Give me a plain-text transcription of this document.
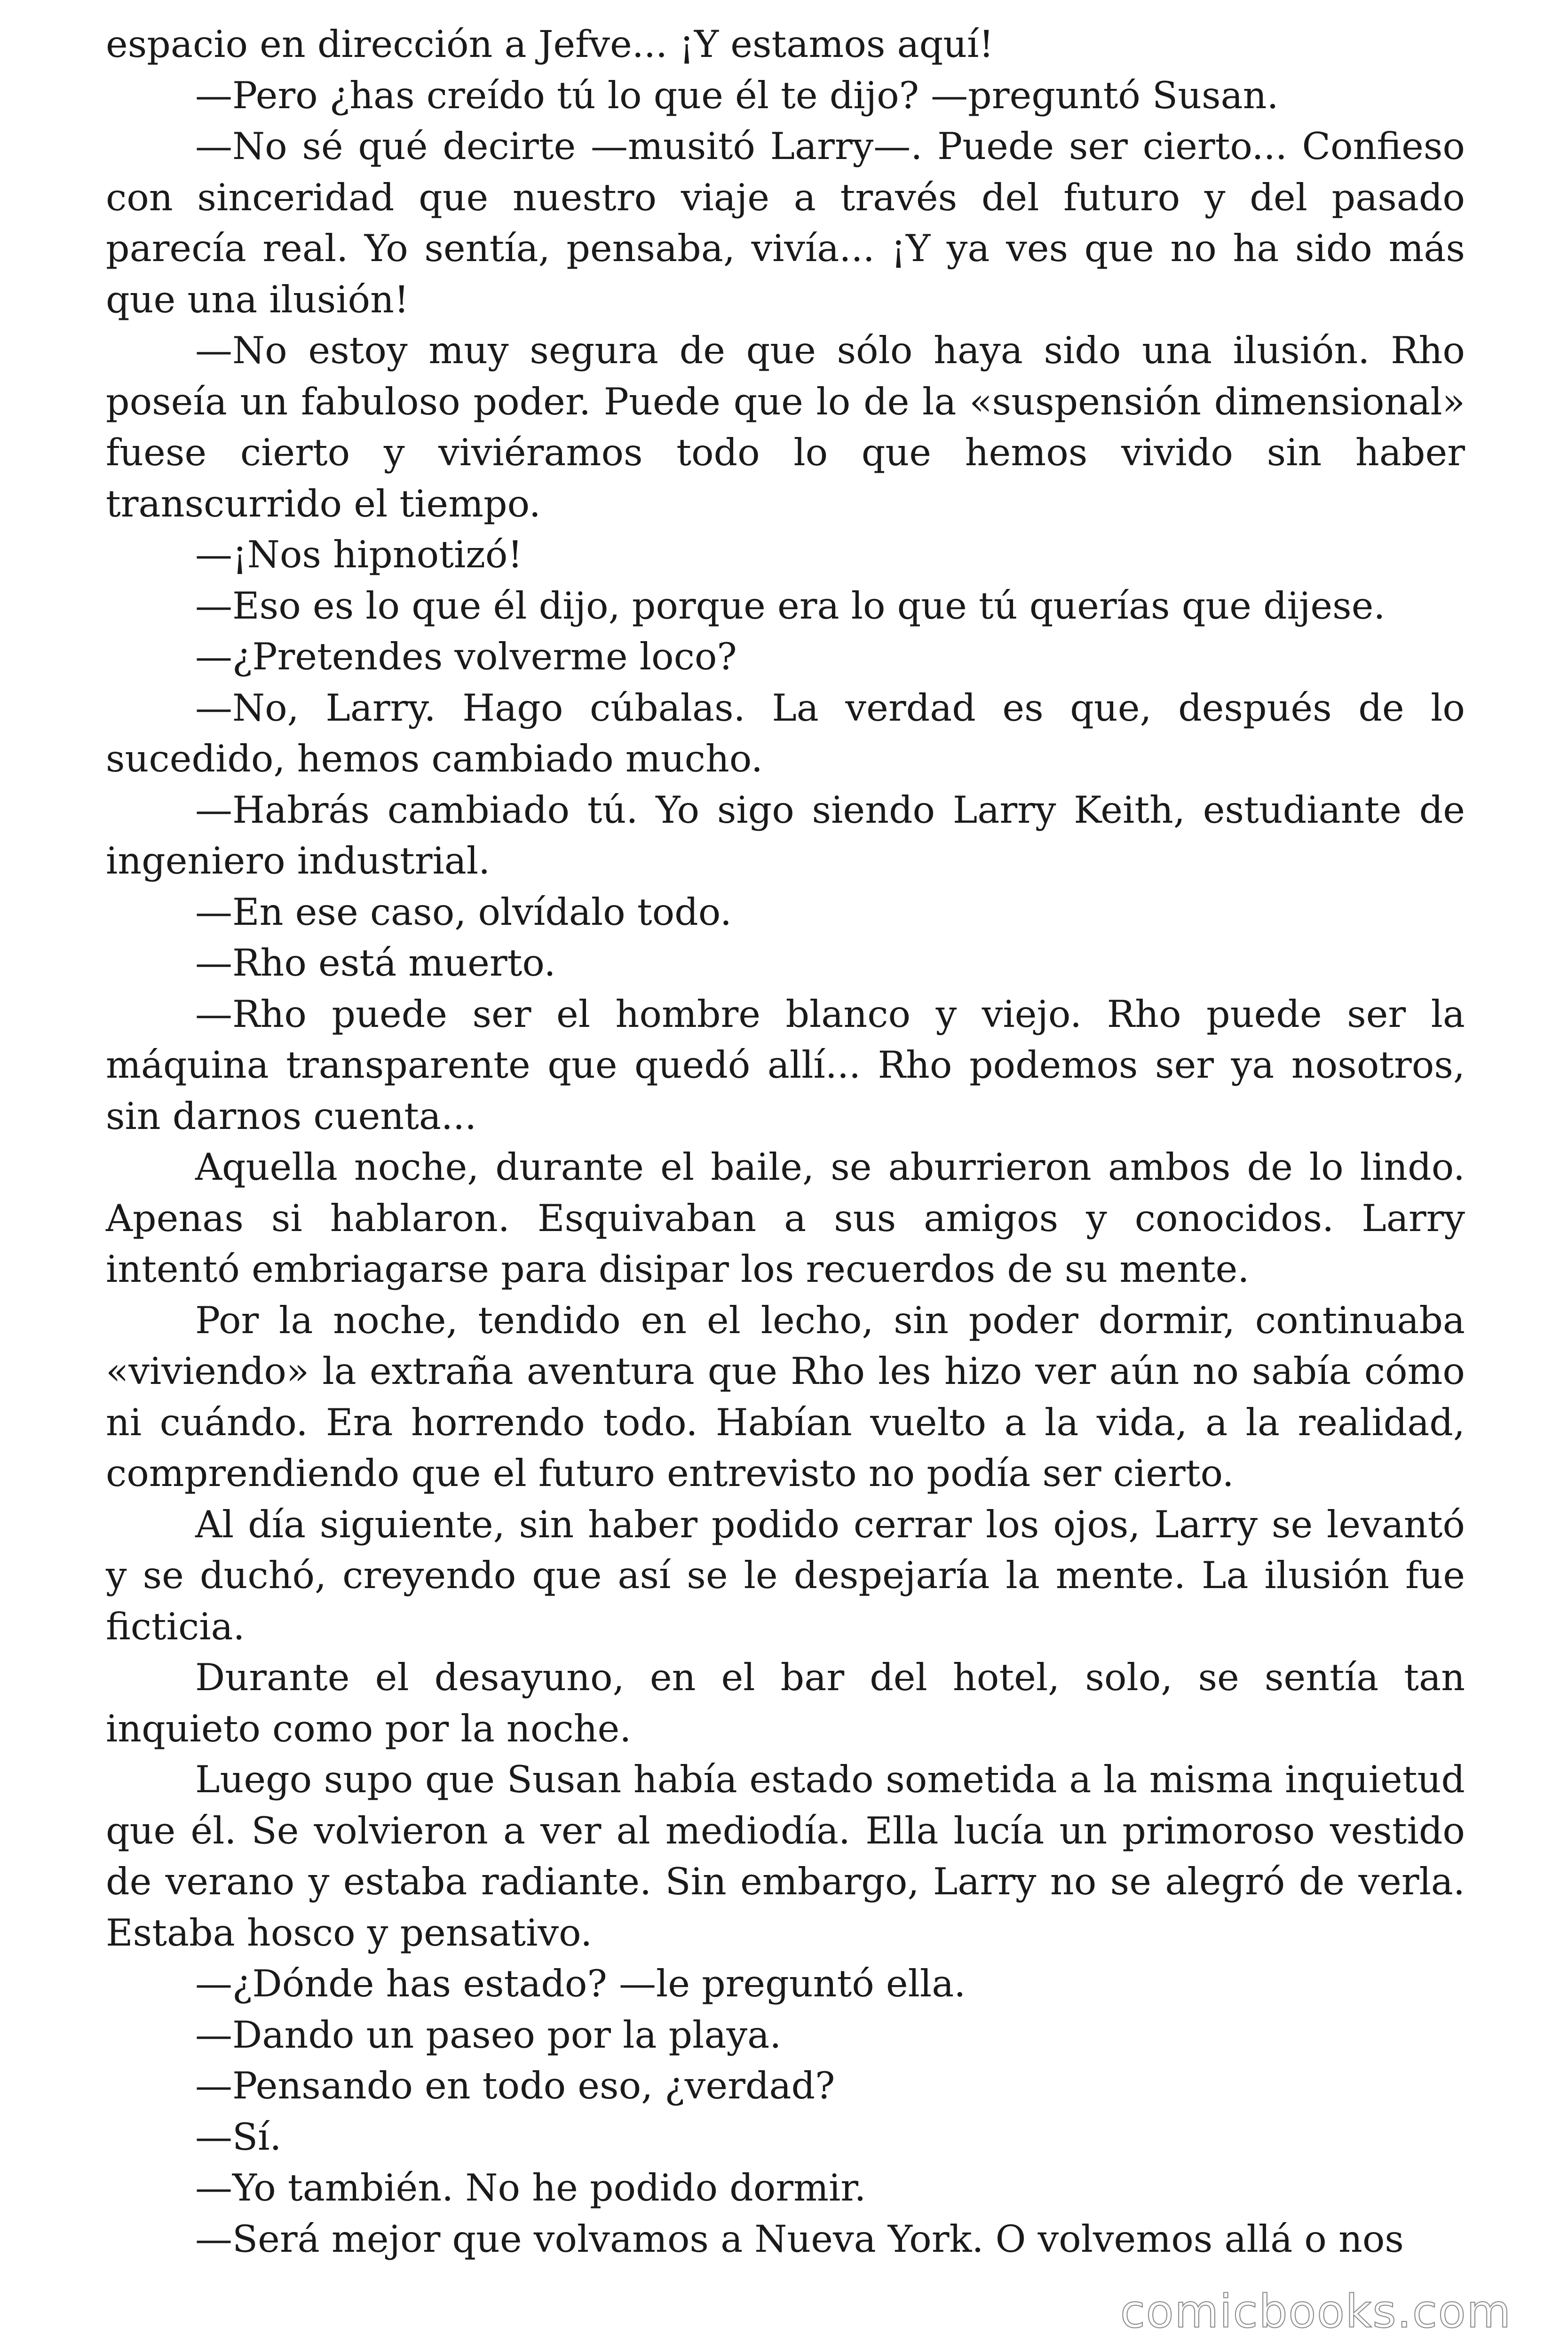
espacio en dirección a Jefve... ¡Y estamos aquí!

—Pero ¿has creído tú lo que él te dijo? —preguntó Susan.

—No sé qué decirte —musitó Larry—. Puede ser cierto... Confieso con sinceridad que nuestro viaje a través del futuro y del pasado parecía real. Yo sentía, pensaba, vivía... ¡Y ya ves que no ha sido más que una ilusión!

—No estoy muy segura de que sólo haya sido una ilusión. Rho poseía un fabuloso poder. Puede que lo de la «suspensión dimensional» fuese cierto y viviéramos todo lo que hemos vivido sin haber transcurrido el tiempo.

—¡Nos hipnotizó!

—Eso es lo que él dijo, porque era lo que tú querías que dijese.

—¿Pretendes volverme loco?

—No, Larry. Hago cúbalas. La verdad es que, después de lo sucedido, hemos cambiado mucho.

—Habrás cambiado tú. Yo sigo siendo Larry Keith, estudiante de ingeniero industrial.

—En ese caso, olvídalo todo.

—Rho está muerto.

—Rho puede ser el hombre blanco y viejo. Rho puede ser la máquina transparente que quedó allí... Rho podemos ser ya nosotros, sin darnos cuenta...

Aquella noche, durante el baile, se aburrieron ambos de lo lindo. Apenas si hablaron. Esquivaban a sus amigos y conocidos. Larry intentó embriagarse para disipar los recuerdos de su mente.

Por la noche, tendido en el lecho, sin poder dormir, continuaba «viviendo» la extraña aventura que Rho les hizo ver aún no sabía cómo ni cuándo. Era horrendo todo. Habían vuelto a la vida, a la realidad, comprendiendo que el futuro entrevisto no podía ser cierto.

Al día siguiente, sin haber podido cerrar los ojos, Larry se levantó y se duchó, creyendo que así se le despejaría la mente. La ilusión fue ficticia.

Durante el desayuno, en el bar del hotel, solo, se sentía tan inquieto como por la noche.

Luego supo que Susan había estado sometida a la misma inquietud que él. Se volvieron a ver al mediodía. Ella lucía un primoroso vestido de verano y estaba radiante. Sin embargo, Larry no se alegró de verla. Estaba hosco y pensativo.

—¿Dónde has estado? —le preguntó ella.

—Dando un paseo por la playa.

—Pensando en todo eso, ¿verdad?

—Sí.

—Yo también. No he podido dormir.

—Será mejor que volvamos a Nueva York. O volvemos allá o nos

comicbooks.com
